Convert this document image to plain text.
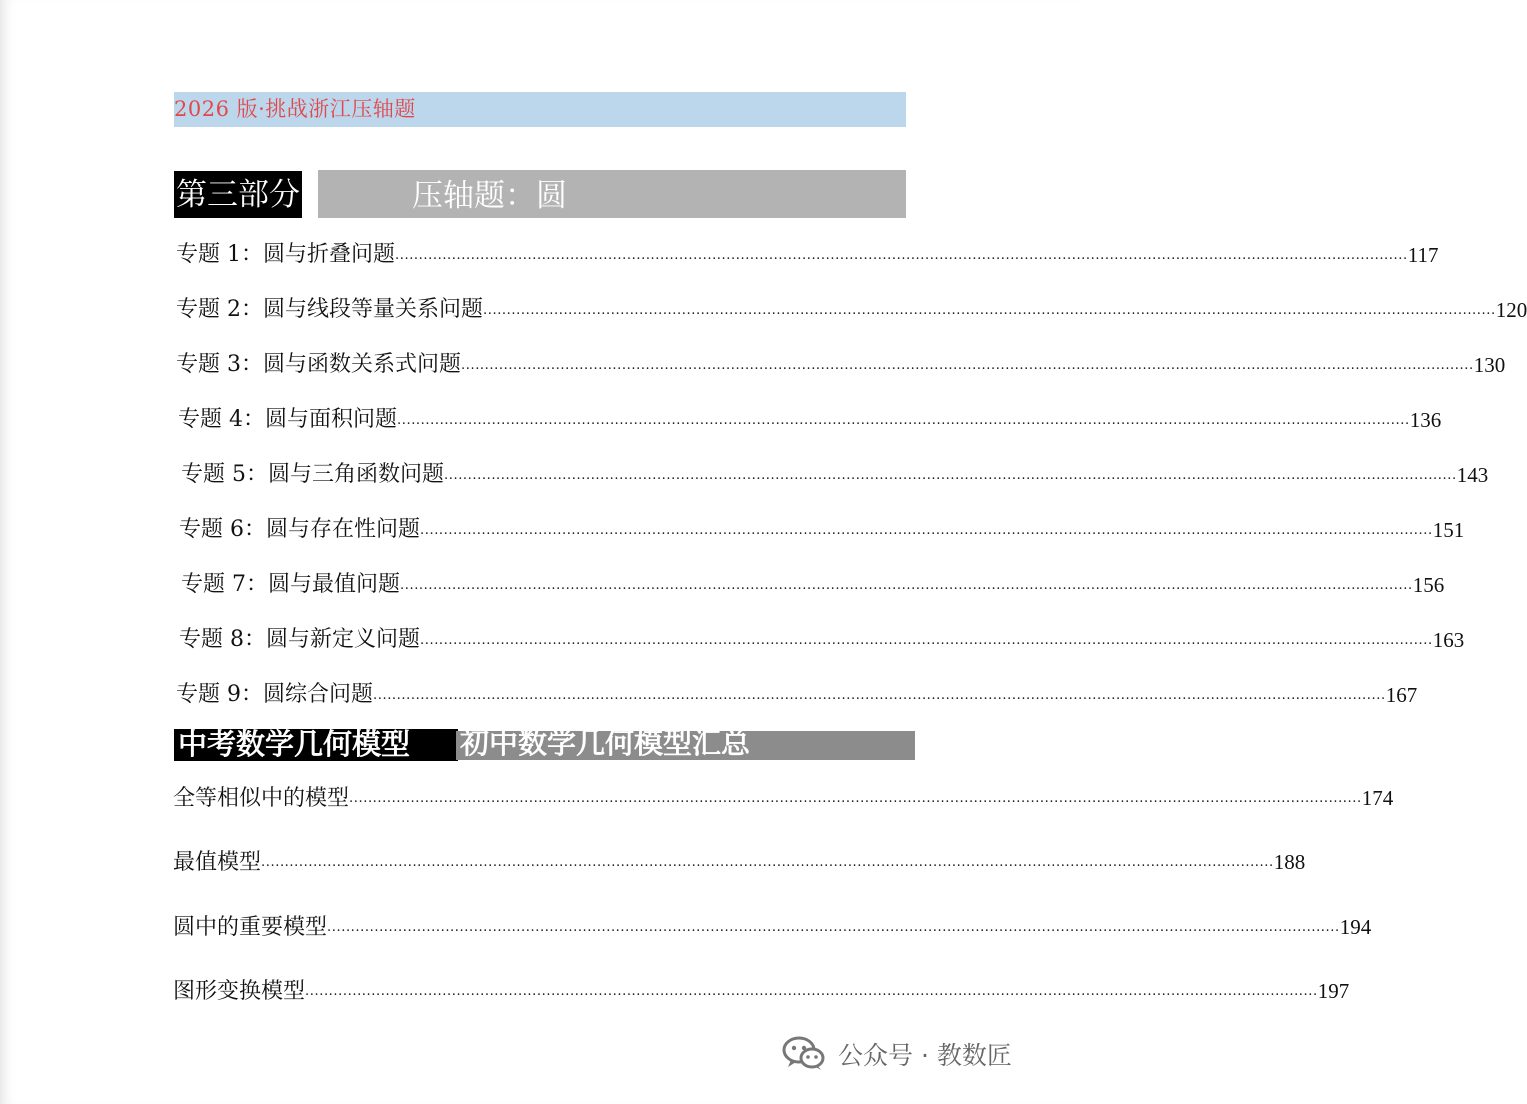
2026 版·挑战浙江压轴题
第三部分	压轴题：圆
专题 1：圆与折叠问题 ...................................................................................................................................................................................................................... 117
专题 2：圆与线段等量关系问题 ...................................................................................................................................................................................................................... 120
专题 3：圆与函数关系式问题 ...................................................................................................................................................................................................................... 130
专题 4：圆与面积问题 ...................................................................................................................................................................................................................... 136
专题 5：圆与三角函数问题 ...................................................................................................................................................................................................................... 143
专题 6：圆与存在性问题 ...................................................................................................................................................................................................................... 151
专题 7：圆与最值问题 ...................................................................................................................................................................................................................... 156
专题 8：圆与新定义问题 ...................................................................................................................................................................................................................... 163
专题 9：圆综合问题 ...................................................................................................................................................................................................................... 167
中考数学几何模型	初中数学几何模型汇总
全等相似中的模型 ...................................................................................................................................................................................................................... 174
最值模型 ...................................................................................................................................................................................................................... 188
圆中的重要模型 ...................................................................................................................................................................................................................... 194
图形变换模型 ...................................................................................................................................................................................................................... 197
公众号 · 教数匠
